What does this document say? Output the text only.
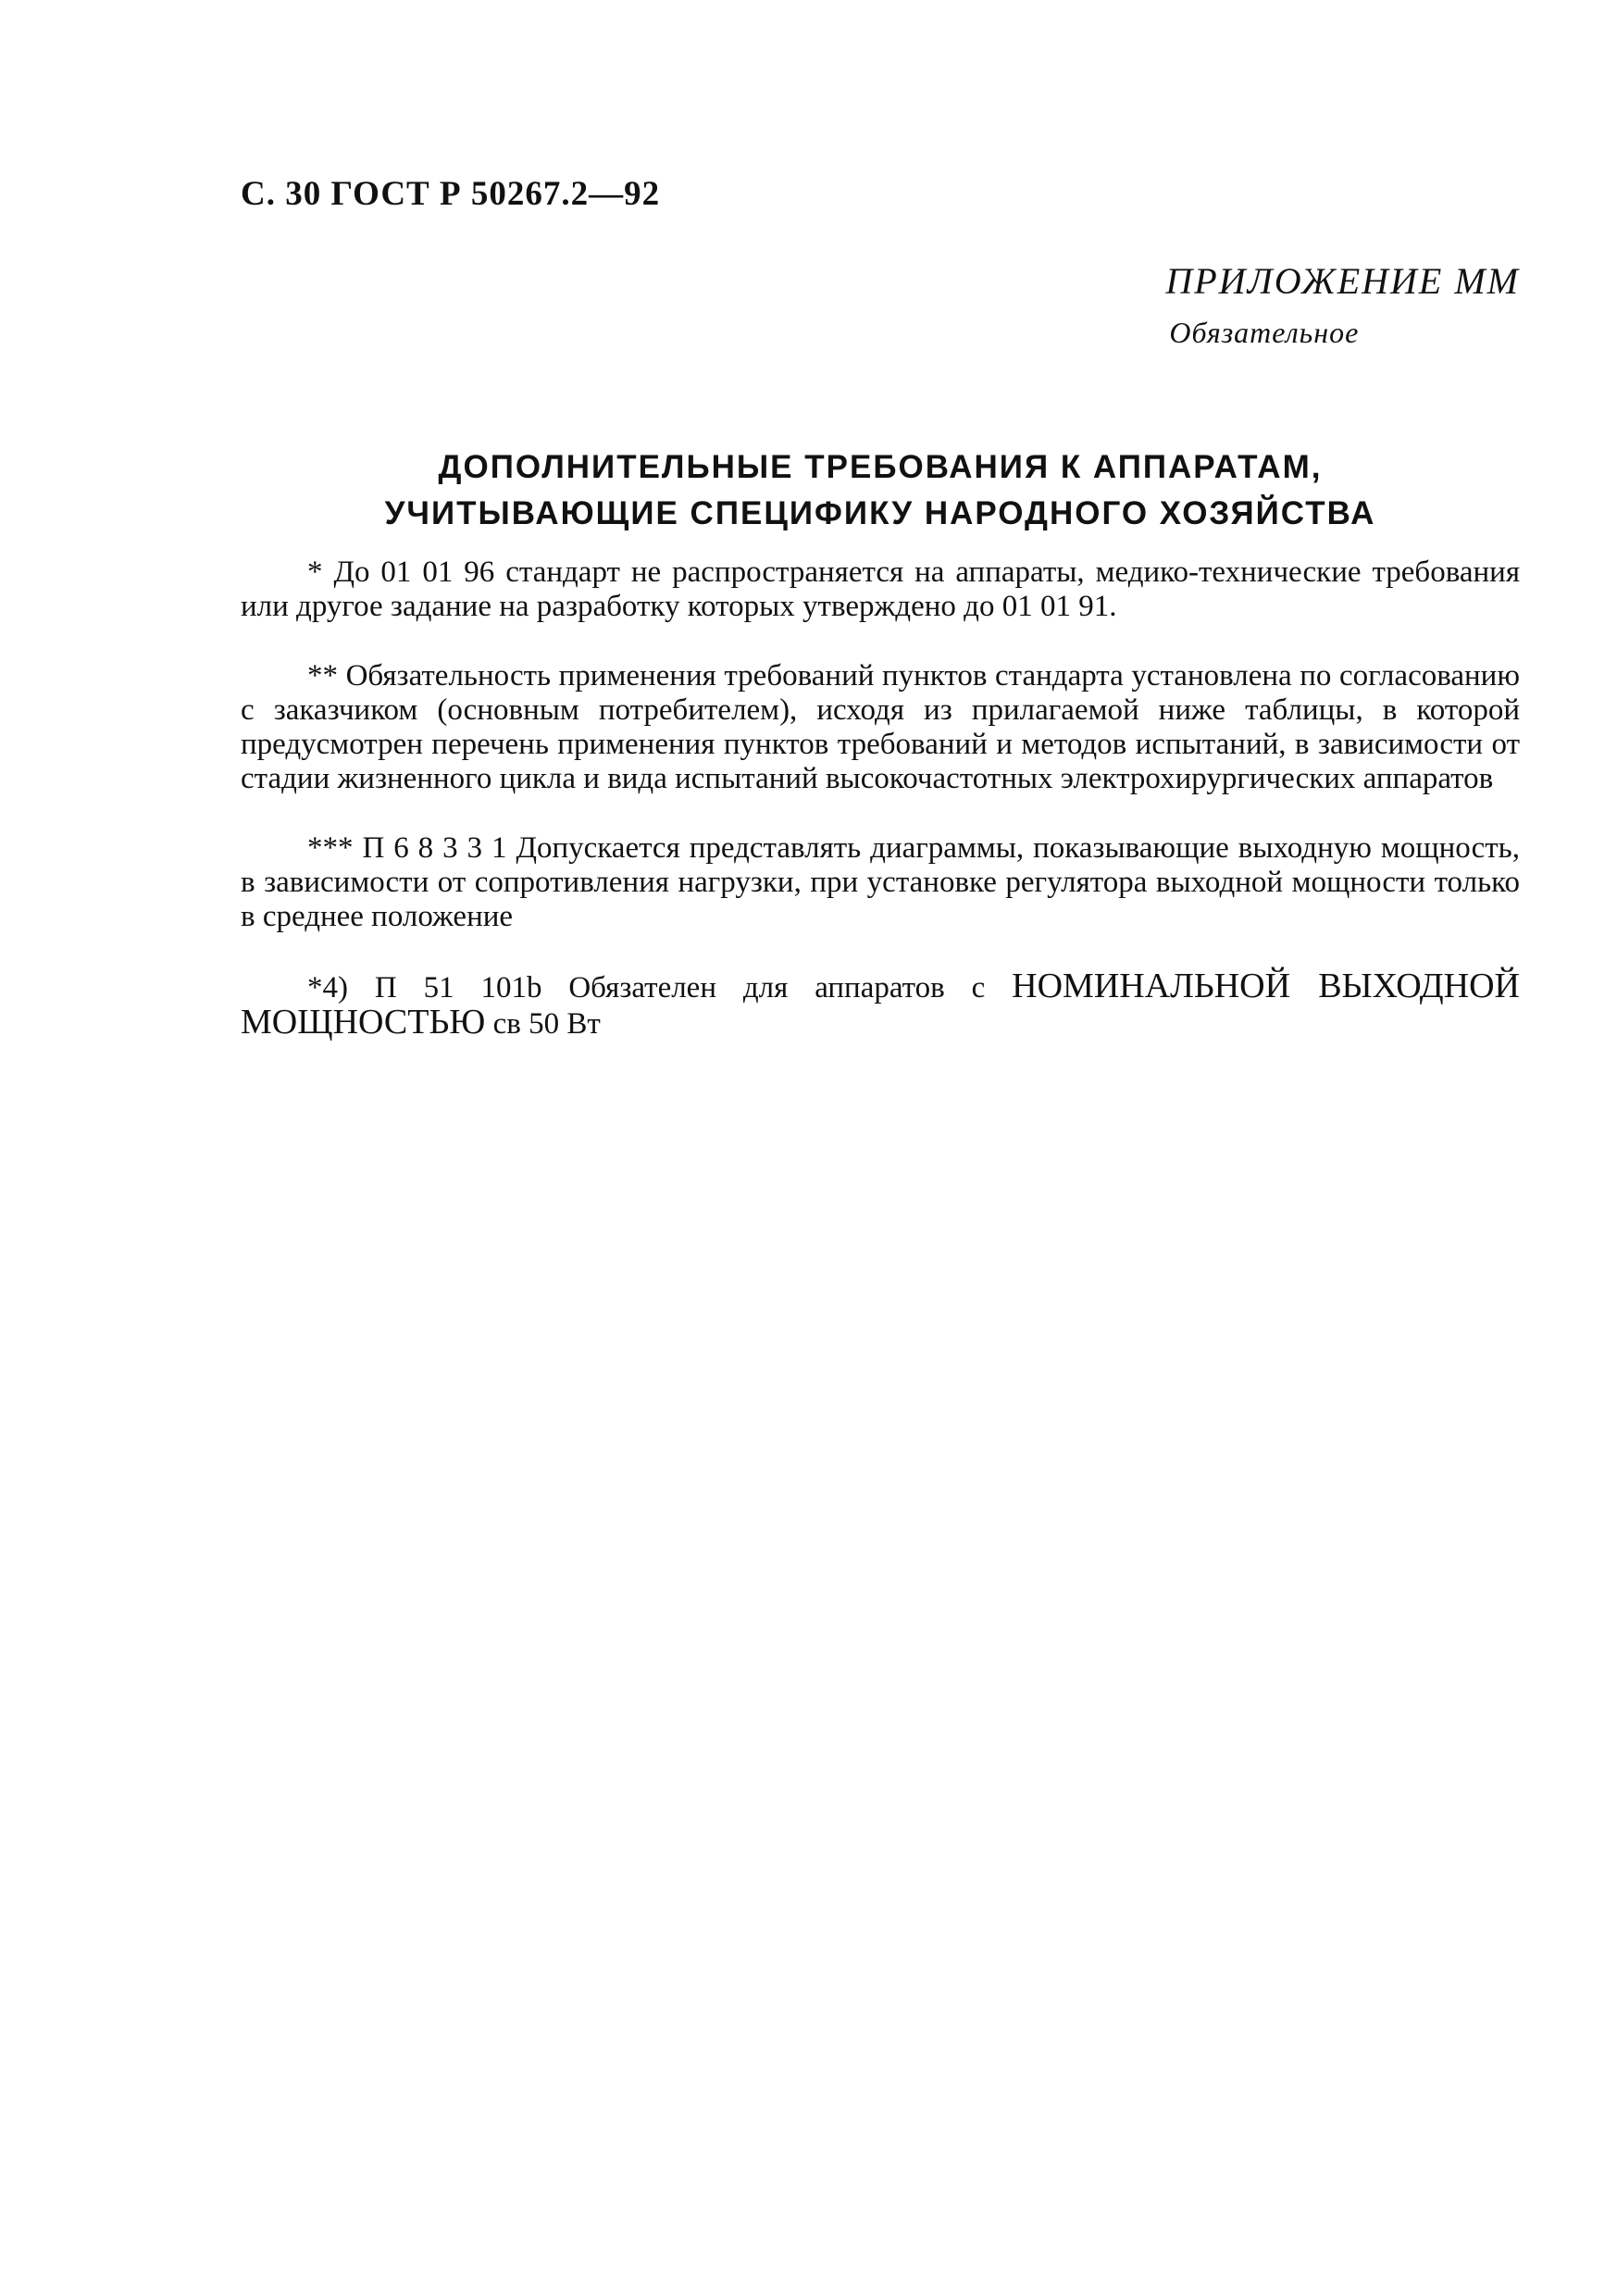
С. 30 ГОСТ Р 50267.2—92
ПРИЛОЖЕНИЕ ММ
Обязательное
ДОПОЛНИТЕЛЬНЫЕ ТРЕБОВАНИЯ К АППАРАТАМ,
УЧИТЫВАЮЩИЕ СПЕЦИФИКУ НАРОДНОГО ХОЗЯЙСТВА

* До 01 01 96 стандарт не распространяется на аппараты, медико-технические требования или другое задание на разработку которых утверждено до 01 01 91.

** Обязательность применения требований пунктов стандарта установлена по согласованию с заказчиком (основным потребителем), исходя из прилагаемой ниже таблицы, в которой предусмотрен перечень применения пунктов требований и методов испытаний, в зависимости от стадии жизненного цикла и вида испытаний высокочастотных электрохирургических аппаратов

*** П 6 8 3 3 1 Допускается представлять диаграммы, показывающие выходную мощность, в зависимости от сопротивления нагрузки, при установке регулятора выходной мощности только в среднее положение

*4) П 51 101b Обязателен для аппаратов с НОМИНАЛЬНОЙ ВЫХОДНОЙ МОЩНОСТЬЮ св 50 Вт
